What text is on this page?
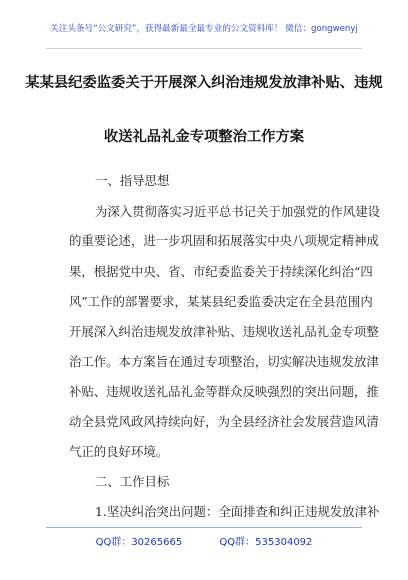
关注头条号“公文研究”，获得最新最全最专业的公文资料库！ 微信：gongwenyj
某某县纪委监委关于开展深入纠治违规发放津补贴、违规
收送礼品礼金专项整治工作方案
一、指导思想
为深入贯彻落实习近平总书记关于加强党的作风建设
的重要论述，进一步巩固和拓展落实中央八项规定精神成
果，根据党中央、省、市纪委监委关于持续深化纠治“四
风”工作的部署要求，某某县纪委监委决定在全县范围内
开展深入纠治违规发放津补贴、违规收送礼品礼金专项整
治工作。本方案旨在通过专项整治，切实解决违规发放津
补贴、违规收送礼品礼金等群众反映强烈的突出问题，推
动全县党风政风持续向好，为全县经济社会发展营造风清
气正的良好环境。
二、工作目标
1.坚决纠治突出问题：全面排查和纠正违规发放津补
QQ群：30265665	QQ群：535304092
